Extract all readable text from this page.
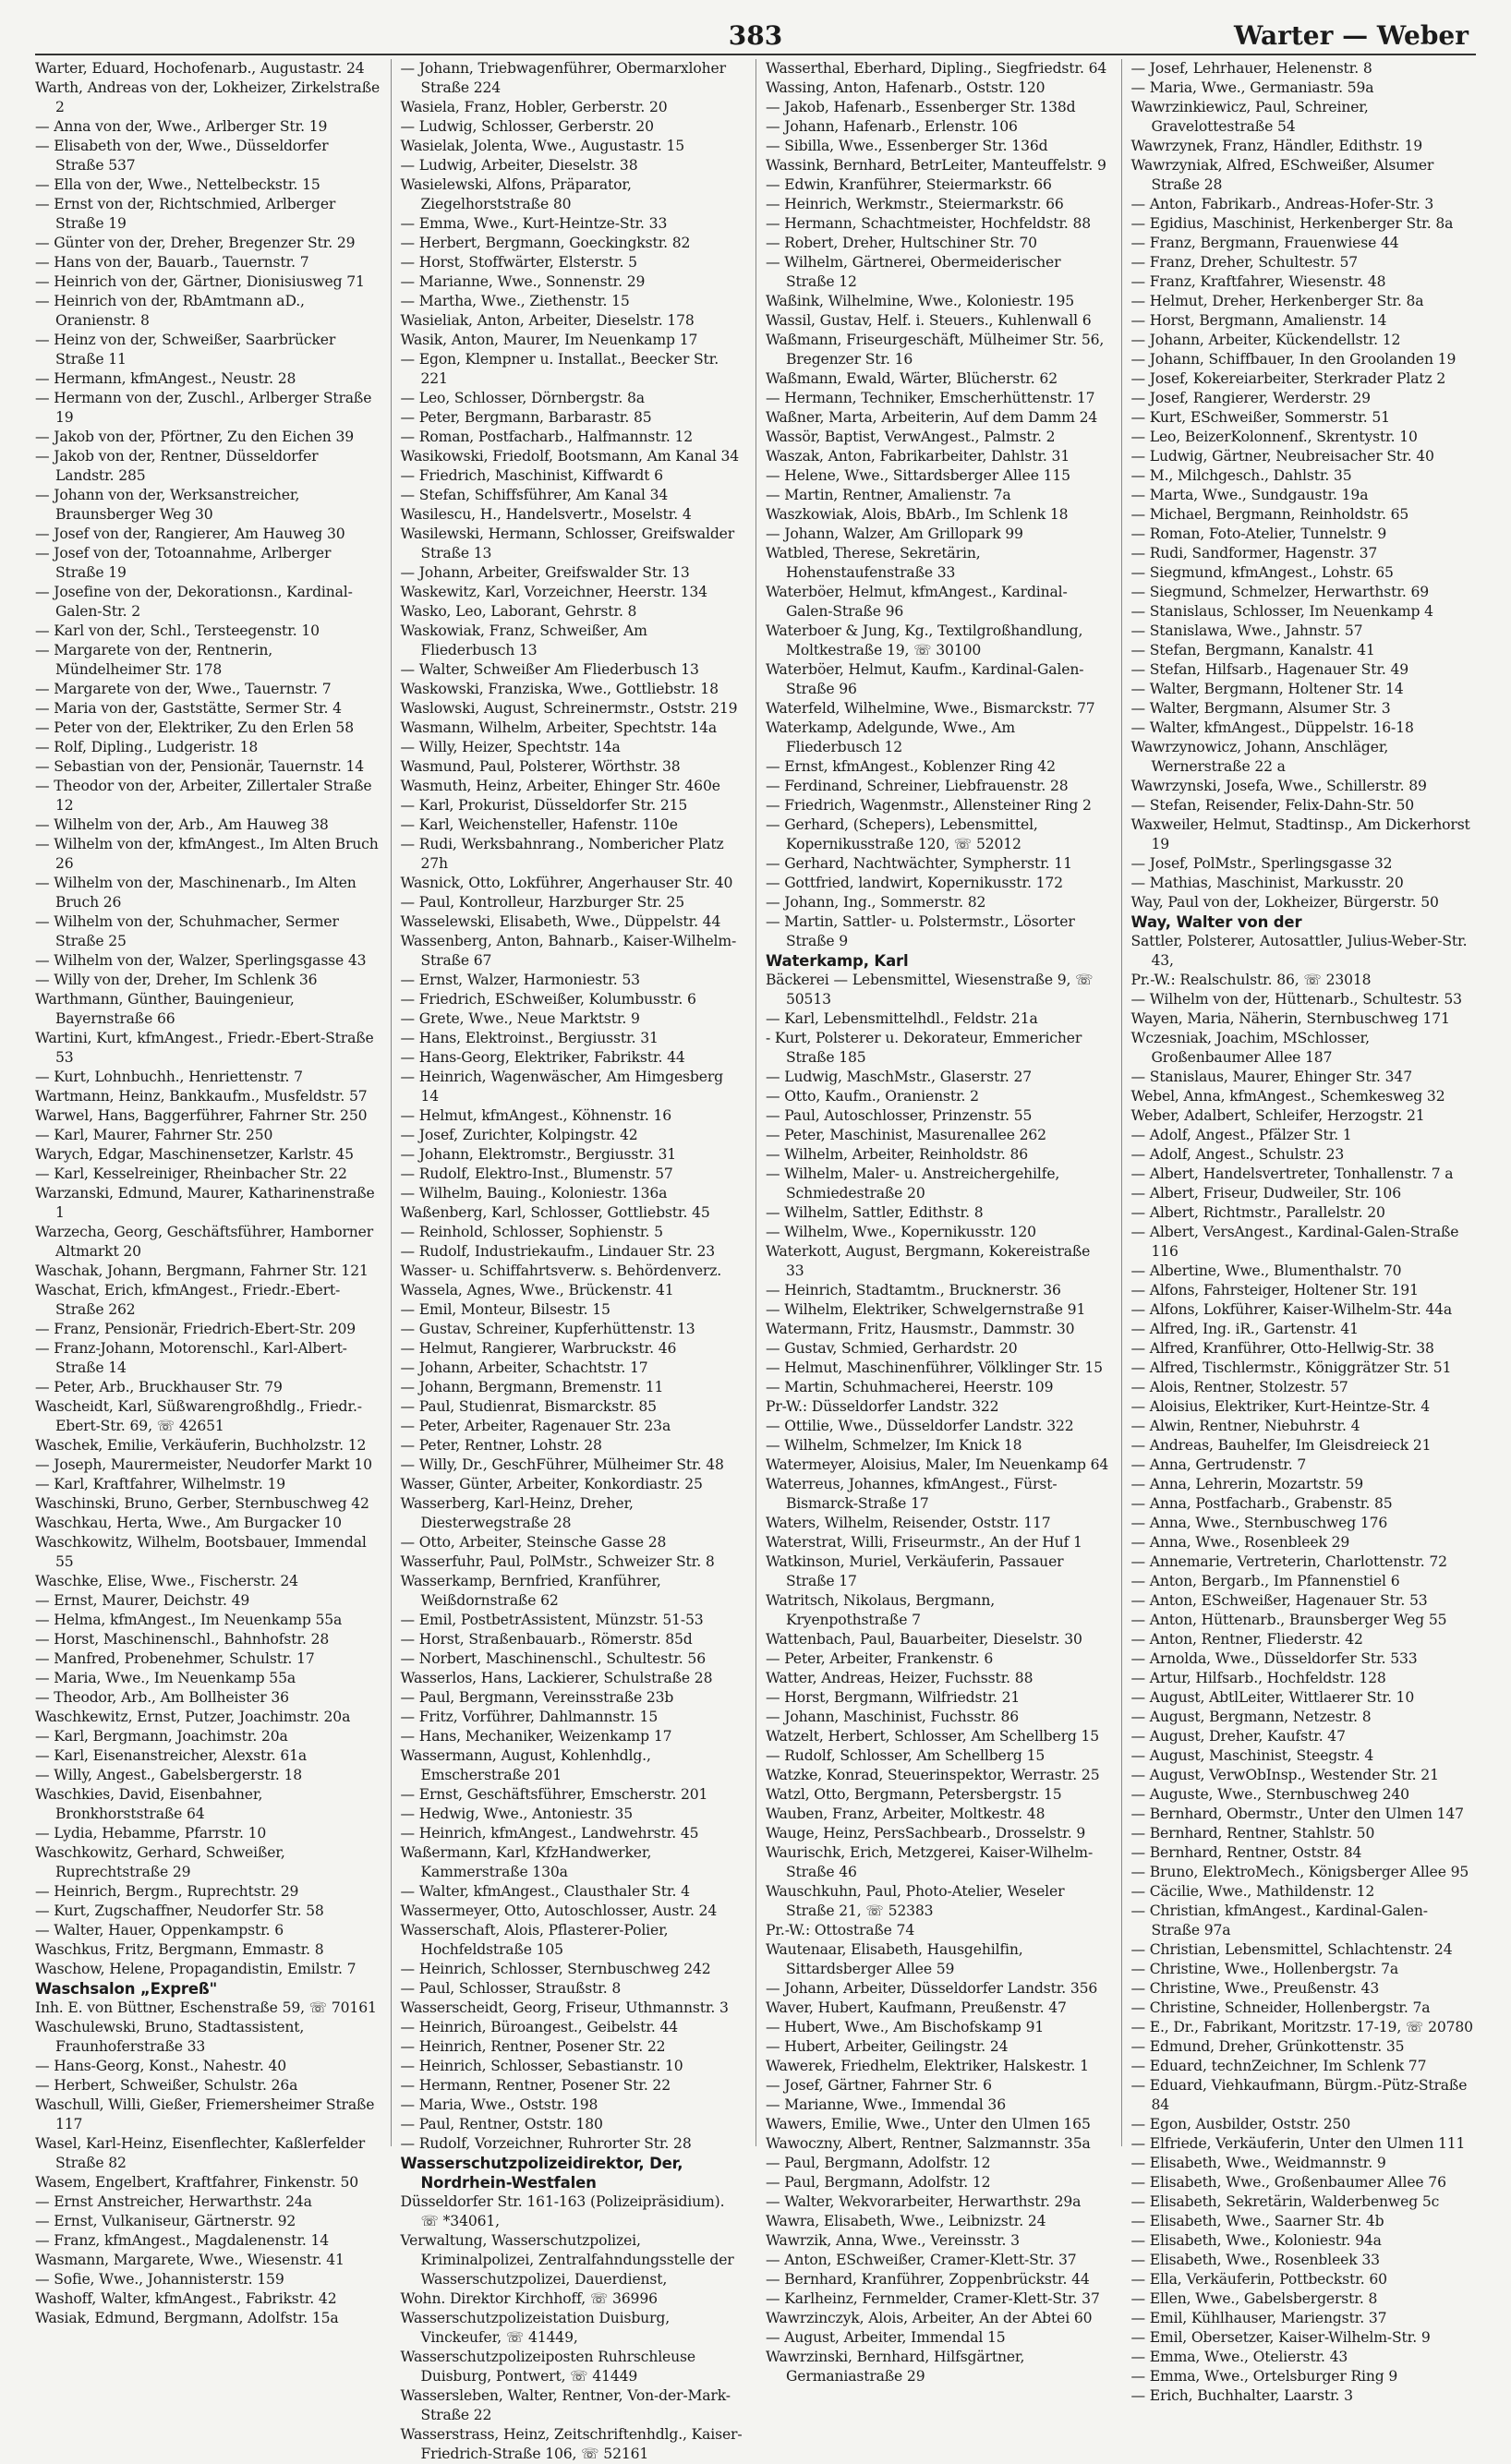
383	Warter — Weber
Warter, Eduard, Hochofenarb., Augustastr. 24
Warth, Andreas von der, Lokheizer, Zirkelstraße 2
— Anna von der, Wwe., Arlberger Str. 19
— Elisabeth von der, Wwe., Düsseldorfer Straße 537
— Ella von der, Wwe., Nettelbeckstr. 15
— Ernst von der, Richtschmied, Arlberger Straße 19
— Günter von der, Dreher, Bregenzer Str. 29
— Hans von der, Bauarb., Tauernstr. 7
— Heinrich von der, Gärtner, Dionisiusweg 71
— Heinrich von der, RbAmtmann aD., Oranienstr. 8
— Heinz von der, Schweißer, Saarbrücker Straße 11
— Hermann, kfmAngest., Neustr. 28
— Hermann von der, Zuschl., Arlberger Straße 19
— Jakob von der, Pförtner, Zu den Eichen 39
— Jakob von der, Rentner, Düsseldorfer Landstr. 285
— Johann von der, Werksanstreicher, Braunsberger Weg 30
— Josef von der, Rangierer, Am Hauweg 30
— Josef von der, Totoannahme, Arlberger Straße 19
— Josefine von der, Dekorationsn., Kardinal-Galen-Str. 2
— Karl von der, Schl., Tersteegenstr. 10
— Margarete von der, Rentnerin, Mündelheimer Str. 178
— Margarete von der, Wwe., Tauernstr. 7
— Maria von der, Gaststätte, Sermer Str. 4
— Peter von der, Elektriker, Zu den Erlen 58
— Rolf, Dipling., Ludgeristr. 18
— Sebastian von der, Pensionär, Tauernstr. 14
— Theodor von der, Arbeiter, Zillertaler Straße 12
— Wilhelm von der, Arb., Am Hauweg 38
— Wilhelm von der, kfmAngest., Im Alten Bruch 26
— Wilhelm von der, Maschinenarb., Im Alten Bruch 26
— Wilhelm von der, Schuhmacher, Sermer Straße 25
— Wilhelm von der, Walzer, Sperlingsgasse 43
— Willy von der, Dreher, Im Schlenk 36
Warthmann, Günther, Bauingenieur, Bayernstraße 66
Wartini, Kurt, kfmAngest., Friedr.-Ebert-Straße 53
— Kurt, Lohnbuchh., Henriettenstr. 7
Wartmann, Heinz, Bankkaufm., Musfeldstr. 57
Warwel, Hans, Baggerführer, Fahrner Str. 250
— Karl, Maurer, Fahrner Str. 250
Warych, Edgar, Maschinensetzer, Karlstr. 45
— Karl, Kesselreiniger, Rheinbacher Str. 22
Warzanski, Edmund, Maurer, Katharinenstraße 1
Warzecha, Georg, Geschäftsführer, Hamborner Altmarkt 20
Waschak, Johann, Bergmann, Fahrner Str. 121
Waschat, Erich, kfmAngest., Friedr.-Ebert-Straße 262
— Franz, Pensionär, Friedrich-Ebert-Str. 209
— Franz-Johann, Motorenschl., Karl-Albert-Straße 14
— Peter, Arb., Bruckhauser Str. 79
Wascheidt, Karl, Süßwarengroßhdlg., Friedr.-Ebert-Str. 69, ☏ 42651
Waschek, Emilie, Verkäuferin, Buchholzstr. 12
— Joseph, Maurermeister, Neudorfer Markt 10
— Karl, Kraftfahrer, Wilhelmstr. 19
Waschinski, Bruno, Gerber, Sternbuschweg 42
Waschkau, Herta, Wwe., Am Burgacker 10
Waschkowitz, Wilhelm, Bootsbauer, Immendal 55
Waschke, Elise, Wwe., Fischerstr. 24
— Ernst, Maurer, Deichstr. 49
— Helma, kfmAngest., Im Neuenkamp 55a
— Horst, Maschinenschl., Bahnhofstr. 28
— Manfred, Probenehmer, Schulstr. 17
— Maria, Wwe., Im Neuenkamp 55a
— Theodor, Arb., Am Bollheister 36
Waschkewitz, Ernst, Putzer, Joachimstr. 20a
— Karl, Bergmann, Joachimstr. 20a
— Karl, Eisenanstreicher, Alexstr. 61a
— Willy, Angest., Gabelsbergerstr. 18
Waschkies, David, Eisenbahner, Bronkhorststraße 64
— Lydia, Hebamme, Pfarrstr. 10
Waschkowitz, Gerhard, Schweißer, Ruprechtstraße 29
— Heinrich, Bergm., Ruprechtstr. 29
— Kurt, Zugschaffner, Neudorfer Str. 58
— Walter, Hauer, Oppenkampstr. 6
Waschkus, Fritz, Bergmann, Emmastr. 8
Waschow, Helene, Propagandistin, Emilstr. 7
Waschsalon „Expreß"
Inh. E. von Büttner, Eschenstraße 59, ☏ 70161
Waschulewski, Bruno, Stadtassistent, Fraunhoferstraße 33
— Hans-Georg, Konst., Nahestr. 40
— Herbert, Schweißer, Schulstr. 26a
Waschull, Willi, Gießer, Friemersheimer Straße 117
Wasel, Karl-Heinz, Eisenflechter, Kaßlerfelder Straße 82
Wasem, Engelbert, Kraftfahrer, Finkenstr. 50
— Ernst Anstreicher, Herwarthstr. 24a
— Ernst, Vulkaniseur, Gärtnerstr. 92
— Franz, kfmAngest., Magdalenenstr. 14
Wasmann, Margarete, Wwe., Wiesenstr. 41
— Sofie, Wwe., Johannisterstr. 159
Washoff, Walter, kfmAngest., Fabrikstr. 42
Wasiak, Edmund, Bergmann, Adolfstr. 15a
— Johann, Triebwagenführer, Obermarxloher Straße 224
Wasiela, Franz, Hobler, Gerberstr. 20
— Ludwig, Schlosser, Gerberstr. 20
Wasielak, Jolenta, Wwe., Augustastr. 15
— Ludwig, Arbeiter, Dieselstr. 38
Wasielewski, Alfons, Präparator, Ziegelhorststraße 80
— Emma, Wwe., Kurt-Heintze-Str. 33
— Herbert, Bergmann, Goeckingkstr. 82
— Horst, Stoffwärter, Elsterstr. 5
— Marianne, Wwe., Sonnenstr. 29
— Martha, Wwe., Ziethenstr. 15
Wasieliak, Anton, Arbeiter, Dieselstr. 178
Wasik, Anton, Maurer, Im Neuenkamp 17
— Egon, Klempner u. Installat., Beecker Str. 221
— Leo, Schlosser, Dörnbergstr. 8a
— Peter, Bergmann, Barbarastr. 85
— Roman, Postfacharb., Halfmannstr. 12
Wasikowski, Friedolf, Bootsmann, Am Kanal 34
— Friedrich, Maschinist, Kiffwardt 6
— Stefan, Schiffsführer, Am Kanal 34
Wasilescu, H., Handelsvertr., Moselstr. 4
Wasilewski, Hermann, Schlosser, Greifswalder Straße 13
— Johann, Arbeiter, Greifswalder Str. 13
Waskewitz, Karl, Vorzeichner, Heerstr. 134
Wasko, Leo, Laborant, Gehrstr. 8
Waskowiak, Franz, Schweißer, Am Fliederbusch 13
— Walter, Schweißer Am Fliederbusch 13
Waskowski, Franziska, Wwe., Gottliebstr. 18
Waslowski, August, Schreinermstr., Oststr. 219
Wasmann, Wilhelm, Arbeiter, Spechtstr. 14a
— Willy, Heizer, Spechtstr. 14a
Wasmund, Paul, Polsterer, Wörthstr. 38
Wasmuth, Heinz, Arbeiter, Ehinger Str. 460e
— Karl, Prokurist, Düsseldorfer Str. 215
— Karl, Weichensteller, Hafenstr. 110e
— Rudi, Werksbahnrang., Nombericher Platz 27h
Wasnick, Otto, Lokführer, Angerhauser Str. 40
— Paul, Kontrolleur, Harzburger Str. 25
Wasselewski, Elisabeth, Wwe., Düppelstr. 44
Wassenberg, Anton, Bahnarb., Kaiser-Wilhelm-Straße 67
— Ernst, Walzer, Harmoniestr. 53
— Friedrich, ESchweißer, Kolumbusstr. 6
— Grete, Wwe., Neue Marktstr. 9
— Hans, Elektroinst., Bergiusstr. 31
— Hans-Georg, Elektriker, Fabrikstr. 44
— Heinrich, Wagenwäscher, Am Himgesberg 14
— Helmut, kfmAngest., Köhnenstr. 16
— Josef, Zurichter, Kolpingstr. 42
— Johann, Elektromstr., Bergiusstr. 31
— Rudolf, Elektro-Inst., Blumenstr. 57
— Wilhelm, Bauing., Koloniestr. 136a
Waßenberg, Karl, Schlosser, Gottliebstr. 45
— Reinhold, Schlosser, Sophienstr. 5
— Rudolf, Industriekaufm., Lindauer Str. 23
Wasser- u. Schiffahrtsverw. s. Behördenverz.
Wassela, Agnes, Wwe., Brückenstr. 41
— Emil, Monteur, Bilsestr. 15
— Gustav, Schreiner, Kupferhüttenstr. 13
— Helmut, Rangierer, Warbruckstr. 46
— Johann, Arbeiter, Schachtstr. 17
— Johann, Bergmann, Bremenstr. 11
— Paul, Studienrat, Bismarckstr. 85
— Peter, Arbeiter, Ragenauer Str. 23a
— Peter, Rentner, Lohstr. 28
— Willy, Dr., GeschFührer, Mülheimer Str. 48
Wasser, Günter, Arbeiter, Konkordiastr. 25
Wasserberg, Karl-Heinz, Dreher, Diesterwegstraße 28
— Otto, Arbeiter, Steinsche Gasse 28
Wasserfuhr, Paul, PolMstr., Schweizer Str. 8
Wasserkamp, Bernfried, Kranführer, Weißdornstraße 62
— Emil, PostbetrAssistent, Münzstr. 51-53
— Horst, Straßenbauarb., Römerstr. 85d
— Norbert, Maschinenschl., Schultestr. 56
Wasserlos, Hans, Lackierer, Schulstraße 28
— Paul, Bergmann, Vereinsstraße 23b
— Fritz, Vorführer, Dahlmannstr. 15
— Hans, Mechaniker, Weizenkamp 17
Wassermann, August, Kohlenhdlg., Emscherstraße 201
— Ernst, Geschäftsführer, Emscherstr. 201
— Hedwig, Wwe., Antoniestr. 35
— Heinrich, kfmAngest., Landwehrstr. 45
Waßermann, Karl, KfzHandwerker, Kammerstraße 130a
— Walter, kfmAngest., Clausthaler Str. 4
Wassermeyer, Otto, Autoschlosser, Austr. 24
Wasserschaft, Alois, Pflasterer-Polier, Hochfeldstraße 105
— Heinrich, Schlosser, Sternbuschweg 242
— Paul, Schlosser, Straußstr. 8
Wasserscheidt, Georg, Friseur, Uthmannstr. 3
— Heinrich, Büroangest., Geibelstr. 44
— Heinrich, Rentner, Posener Str. 22
— Heinrich, Schlosser, Sebastianstr. 10
— Hermann, Rentner, Posener Str. 22
— Maria, Wwe., Oststr. 198
— Paul, Rentner, Oststr. 180
— Rudolf, Vorzeichner, Ruhrorter Str. 28
Wasserschutzpolizeidirektor, Der, Nordrhein-Westfalen
Düsseldorfer Str. 161-163 (Polizeipräsidium). ☏ *34061,
Verwaltung, Wasserschutzpolizei, Kriminalpolizei, Zentralfahndungsstelle der Wasserschutzpolizei, Dauerdienst,
Wohn. Direktor Kirchhoff, ☏ 36996
Wasserschutzpolizeistation Duisburg, Vinckeufer, ☏ 41449,
Wasserschutzpolizeiposten Ruhrschleuse Duisburg, Pontwert, ☏ 41449
Wassersleben, Walter, Rentner, Von-der-Mark-Straße 22
Wasserstrass, Heinz, Zeitschriftenhdlg., Kaiser-Friedrich-Straße 106, ☏ 52161
Wasserthal, Eberhard, Dipling., Siegfriedstr. 64
Wassing, Anton, Hafenarb., Oststr. 120
— Jakob, Hafenarb., Essenberger Str. 138d
— Johann, Hafenarb., Erlenstr. 106
— Sibilla, Wwe., Essenberger Str. 136d
Wassink, Bernhard, BetrLeiter, Manteuffelstr. 9
— Edwin, Kranführer, Steiermarkstr. 66
— Heinrich, Werkmstr., Steiermarkstr. 66
— Hermann, Schachtmeister, Hochfeldstr. 88
— Robert, Dreher, Hultschiner Str. 70
— Wilhelm, Gärtnerei, Obermeiderischer Straße 12
Waßink, Wilhelmine, Wwe., Koloniestr. 195
Wassil, Gustav, Helf. i. Steuers., Kuhlenwall 6
Waßmann, Friseurgeschäft, Mülheimer Str. 56, Bregenzer Str. 16
Waßmann, Ewald, Wärter, Blücherstr. 62
— Hermann, Techniker, Emscherhüttenstr. 17
Waßner, Marta, Arbeiterin, Auf dem Damm 24
Wassör, Baptist, VerwAngest., Palmstr. 2
Waszak, Anton, Fabrikarbeiter, Dahlstr. 31
— Helene, Wwe., Sittardsberger Allee 115
— Martin, Rentner, Amalienstr. 7a
Waszkowiak, Alois, BbArb., Im Schlenk 18
— Johann, Walzer, Am Grillopark 99
Watbled, Therese, Sekretärin, Hohenstaufenstraße 33
Waterböer, Helmut, kfmAngest., Kardinal-Galen-Straße 96
Waterboer & Jung, Kg., Textilgroßhandlung, Moltkestraße 19, ☏ 30100
Waterböer, Helmut, Kaufm., Kardinal-Galen-Straße 96
Waterfeld, Wilhelmine, Wwe., Bismarckstr. 77
Waterkamp, Adelgunde, Wwe., Am Fliederbusch 12
— Ernst, kfmAngest., Koblenzer Ring 42
— Ferdinand, Schreiner, Liebfrauenstr. 28
— Friedrich, Wagenmstr., Allensteiner Ring 2
— Gerhard, (Schepers), Lebensmittel, Kopernikusstraße 120, ☏ 52012
— Gerhard, Nachtwächter, Sympherstr. 11
— Gottfried, landwirt, Kopernikusstr. 172
— Johann, Ing., Sommerstr. 82
— Martin, Sattler- u. Polstermstr., Lösorter Straße 9
Waterkamp, Karl
Bäckerei — Lebensmittel, Wiesenstraße 9, ☏ 50513
— Karl, Lebensmittelhdl., Feldstr. 21a
- Kurt, Polsterer u. Dekorateur, Emmericher Straße 185
— Ludwig, MaschMstr., Glaserstr. 27
— Otto, Kaufm., Oranienstr. 2
— Paul, Autoschlosser, Prinzenstr. 55
— Peter, Maschinist, Masurenallee 262
— Wilhelm, Arbeiter, Reinholdstr. 86
— Wilhelm, Maler- u. Anstreichergehilfe, Schmiedestraße 20
— Wilhelm, Sattler, Edithstr. 8
— Wilhelm, Wwe., Kopernikusstr. 120
Waterkott, August, Bergmann, Kokereistraße 33
— Heinrich, Stadtamtm., Brucknerstr. 36
— Wilhelm, Elektriker, Schwelgernstraße 91
Watermann, Fritz, Hausmstr., Dammstr. 30
— Gustav, Schmied, Gerhardstr. 20
— Helmut, Maschinenführer, Völklinger Str. 15
— Martin, Schuhmacherei, Heerstr. 109
Pr-W.: Düsseldorfer Landstr. 322
— Ottilie, Wwe., Düsseldorfer Landstr. 322
— Wilhelm, Schmelzer, Im Knick 18
Watermeyer, Aloisius, Maler, Im Neuenkamp 64
Waterreus, Johannes, kfmAngest., Fürst-Bismarck-Straße 17
Waters, Wilhelm, Reisender, Oststr. 117
Waterstrat, Willi, Friseurmstr., An der Huf 1
Watkinson, Muriel, Verkäuferin, Passauer Straße 17
Watritsch, Nikolaus, Bergmann, Kryenpothstraße 7
Wattenbach, Paul, Bauarbeiter, Dieselstr. 30
— Peter, Arbeiter, Frankenstr. 6
Watter, Andreas, Heizer, Fuchsstr. 88
— Horst, Bergmann, Wilfriedstr. 21
— Johann, Maschinist, Fuchsstr. 86
Watzelt, Herbert, Schlosser, Am Schellberg 15
— Rudolf, Schlosser, Am Schellberg 15
Watzke, Konrad, Steuerinspektor, Werrastr. 25
Watzl, Otto, Bergmann, Petersbergstr. 15
Wauben, Franz, Arbeiter, Moltkestr. 48
Wauge, Heinz, PersSachbearb., Drosselstr. 9
Waurischk, Erich, Metzgerei, Kaiser-Wilhelm-Straße 46
Wauschkuhn, Paul, Photo-Atelier, Weseler Straße 21, ☏ 52383
Pr.-W.: Ottostraße 74
Wautenaar, Elisabeth, Hausgehilfin, Sittardsberger Allee 59
— Johann, Arbeiter, Düsseldorfer Landstr. 356
Waver, Hubert, Kaufmann, Preußenstr. 47
— Hubert, Wwe., Am Bischofskamp 91
— Hubert, Arbeiter, Geilingstr. 24
Wawerek, Friedhelm, Elektriker, Halskestr. 1
— Josef, Gärtner, Fahrner Str. 6
— Marianne, Wwe., Immendal 36
Wawers, Emilie, Wwe., Unter den Ulmen 165
Wawoczny, Albert, Rentner, Salzmannstr. 35a
— Paul, Bergmann, Adolfstr. 12
— Paul, Bergmann, Adolfstr. 12
— Walter, Wekvorarbeiter, Herwarthstr. 29a
Wawra, Elisabeth, Wwe., Leibnizstr. 24
Wawrzik, Anna, Wwe., Vereinsstr. 3
— Anton, ESchweißer, Cramer-Klett-Str. 37
— Bernhard, Kranführer, Zoppenbrückstr. 44
— Karlheinz, Fernmelder, Cramer-Klett-Str. 37
Wawrzinczyk, Alois, Arbeiter, An der Abtei 60
— August, Arbeiter, Immendal 15
Wawrzinski, Bernhard, Hilfsgärtner, Germaniastraße 29
— Josef, Lehrhauer, Helenenstr. 8
— Maria, Wwe., Germaniastr. 59a
Wawrzinkiewicz, Paul, Schreiner, Gravelottestraße 54
Wawrzynek, Franz, Händler, Edithstr. 19
Wawrzyniak, Alfred, ESchweißer, Alsumer Straße 28
— Anton, Fabrikarb., Andreas-Hofer-Str. 3
— Egidius, Maschinist, Herkenberger Str. 8a
— Franz, Bergmann, Frauenwiese 44
— Franz, Dreher, Schultestr. 57
— Franz, Kraftfahrer, Wiesenstr. 48
— Helmut, Dreher, Herkenberger Str. 8a
— Horst, Bergmann, Amalienstr. 14
— Johann, Arbeiter, Kückendellstr. 12
— Johann, Schiffbauer, In den Groolanden 19
— Josef, Kokereiarbeiter, Sterkrader Platz 2
— Josef, Rangierer, Werderstr. 29
— Kurt, ESchweißer, Sommerstr. 51
— Leo, BeizerKolonnenf., Skrentystr. 10
— Ludwig, Gärtner, Neubreisacher Str. 40
— M., Milchgesch., Dahlstr. 35
— Marta, Wwe., Sundgaustr. 19a
— Michael, Bergmann, Reinholdstr. 65
— Roman, Foto-Atelier, Tunnelstr. 9
— Rudi, Sandformer, Hagenstr. 37
— Siegmund, kfmAngest., Lohstr. 65
— Siegmund, Schmelzer, Herwarthstr. 69
— Stanislaus, Schlosser, Im Neuenkamp 4
— Stanislawa, Wwe., Jahnstr. 57
— Stefan, Bergmann, Kanalstr. 41
— Stefan, Hilfsarb., Hagenauer Str. 49
— Walter, Bergmann, Holtener Str. 14
— Walter, Bergmann, Alsumer Str. 3
— Walter, kfmAngest., Düppelstr. 16-18
Wawrzynowicz, Johann, Anschläger, Wernerstraße 22 a
Wawrzynski, Josefa, Wwe., Schillerstr. 89
— Stefan, Reisender, Felix-Dahn-Str. 50
Waxweiler, Helmut, Stadtinsp., Am Dickerhorst 19
— Josef, PolMstr., Sperlingsgasse 32
— Mathias, Maschinist, Markusstr. 20
Way, Paul von der, Lokheizer, Bürgerstr. 50
Way, Walter von der
Sattler, Polsterer, Autosattler, Julius-Weber-Str. 43,
Pr.-W.: Realschulstr. 86, ☏ 23018
— Wilhelm von der, Hüttenarb., Schultestr. 53
Wayen, Maria, Näherin, Sternbuschweg 171
Wczesniak, Joachim, MSchlosser, Großenbaumer Allee 187
— Stanislaus, Maurer, Ehinger Str. 347
Webel, Anna, kfmAngest., Schemkesweg 32
Weber, Adalbert, Schleifer, Herzogstr. 21
— Adolf, Angest., Pfälzer Str. 1
— Adolf, Angest., Schulstr. 23
— Albert, Handelsvertreter, Tonhallenstr. 7 a
— Albert, Friseur, Dudweiler, Str. 106
— Albert, Richtmstr., Parallelstr. 20
— Albert, VersAngest., Kardinal-Galen-Straße 116
— Albertine, Wwe., Blumenthalstr. 70
— Alfons, Fahrsteiger, Holtener Str. 191
— Alfons, Lokführer, Kaiser-Wilhelm-Str. 44a
— Alfred, Ing. iR., Gartenstr. 41
— Alfred, Kranführer, Otto-Hellwig-Str. 38
— Alfred, Tischlermstr., Königgrätzer Str. 51
— Alois, Rentner, Stolzestr. 57
— Aloisius, Elektriker, Kurt-Heintze-Str. 4
— Alwin, Rentner, Niebuhrstr. 4
— Andreas, Bauhelfer, Im Gleisdreieck 21
— Anna, Gertrudenstr. 7
— Anna, Lehrerin, Mozartstr. 59
— Anna, Postfacharb., Grabenstr. 85
— Anna, Wwe., Sternbuschweg 176
— Anna, Wwe., Rosenbleek 29
— Annemarie, Vertreterin, Charlottenstr. 72
— Anton, Bergarb., Im Pfannenstiel 6
— Anton, ESchweißer, Hagenauer Str. 53
— Anton, Hüttenarb., Braunsberger Weg 55
— Anton, Rentner, Fliederstr. 42
— Arnolda, Wwe., Düsseldorfer Str. 533
— Artur, Hilfsarb., Hochfeldstr. 128
— August, AbtlLeiter, Wittlaerer Str. 10
— August, Bergmann, Netzestr. 8
— August, Dreher, Kaufstr. 47
— August, Maschinist, Steegstr. 4
— August, VerwObInsp., Westender Str. 21
— Auguste, Wwe., Sternbuschweg 240
— Bernhard, Obermstr., Unter den Ulmen 147
— Bernhard, Rentner, Stahlstr. 50
— Bernhard, Rentner, Oststr. 84
— Bruno, ElektroMech., Königsberger Allee 95
— Cäcilie, Wwe., Mathildenstr. 12
— Christian, kfmAngest., Kardinal-Galen-Straße 97a
— Christian, Lebensmittel, Schlachtenstr. 24
— Christine, Wwe., Hollenbergstr. 7a
— Christine, Wwe., Preußenstr. 43
— Christine, Schneider, Hollenbergstr. 7a
— E., Dr., Fabrikant, Moritzstr. 17-19, ☏ 20780
— Edmund, Dreher, Grünkottenstr. 35
— Eduard, technZeichner, Im Schlenk 77
— Eduard, Viehkaufmann, Bürgm.-Pütz-Straße 84
— Egon, Ausbilder, Oststr. 250
— Elfriede, Verkäuferin, Unter den Ulmen 111
— Elisabeth, Wwe., Weidmannstr. 9
— Elisabeth, Wwe., Großenbaumer Allee 76
— Elisabeth, Sekretärin, Walderbenweg 5c
— Elisabeth, Wwe., Saarner Str. 4b
— Elisabeth, Wwe., Koloniestr. 94a
— Elisabeth, Wwe., Rosenbleek 33
— Ella, Verkäuferin, Pottbeckstr. 60
— Ellen, Wwe., Gabelsbergerstr. 8
— Emil, Kühlhauser, Mariengstr. 37
— Emil, Obersetzer, Kaiser-Wilhelm-Str. 9
— Emma, Wwe., Otelierstr. 43
— Emma, Wwe., Ortelsburger Ring 9
— Erich, Buchhalter, Laarstr. 3
